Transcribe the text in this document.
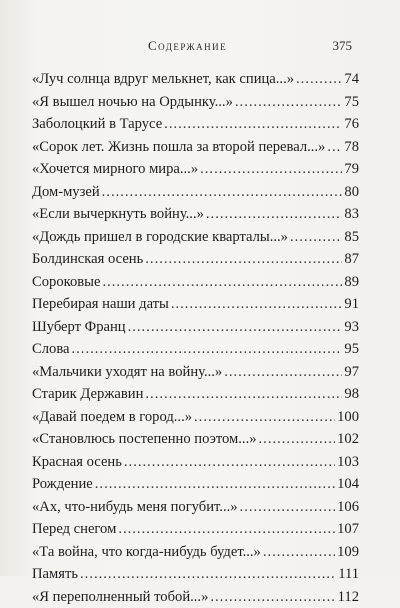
Содержание	375
«Луч солнца вдруг мелькнет, как спица...» .....	74
«Я вышел ночью на Ордынку...» .....	75
Заболоцкий в Тарусе .....	76
«Сорок лет. Жизнь пошла за второй перевал...» ..... 78
«Хочется мирного мира...» .....	79
Дом-музей .....	80
«Если вычеркнуть войну...» .....	83
«Дождь пришел в городские кварталы...» .....	85
Болдинская осень .....	87
Сороковые .....	89
Перебирая наши даты .....	91
Шуберт Франц .....	93
Слова .....	95
«Мальчики уходят на войну...» .....	97
Старик Державин .....	98
«Давай поедем в город...» .....	100
«Становлюсь постепенно поэтом...» .....	102
Красная осень .....	103
Рождение .....	104
«Ах, что-нибудь меня погубит...» .....	106
Перед снегом .....	107
«Та война, что когда-нибудь будет...» .....	109
Память .....	111
«Я переполненный тобой...» .....	112
